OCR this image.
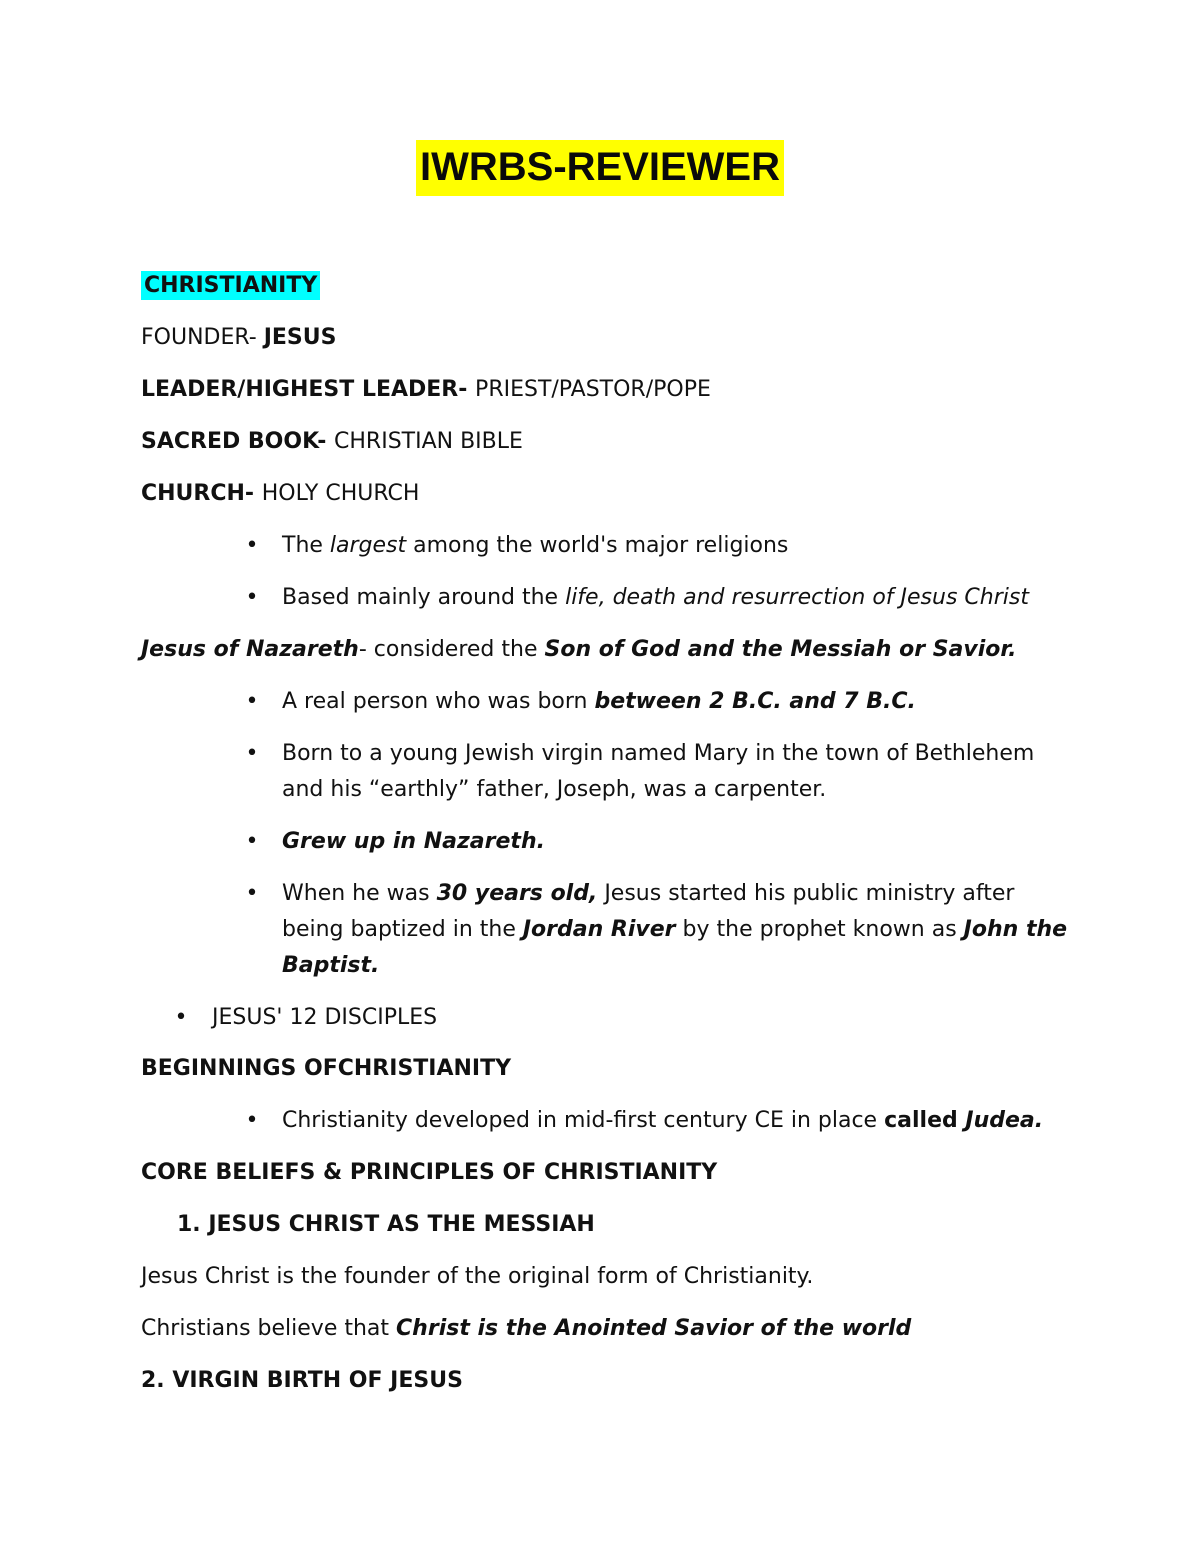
IWRBS-REVIEWER
CHRISTIANITY
FOUNDER- JESUS
LEADER/HIGHEST LEADER- PRIEST/PASTOR/POPE
SACRED BOOK- CHRISTIAN BIBLE
CHURCH- HOLY CHURCH
• The largest among the world's major religions
• Based mainly around the life, death and resurrection of Jesus Christ
Jesus of Nazareth- considered the Son of God and the Messiah or Savior.
• A real person who was born between 2 B.C. and 7 B.C.
• Born to a young Jewish virgin named Mary in the town of Bethlehem
and his “earthly” father, Joseph, was a carpenter.
• Grew up in Nazareth.
• When he was 30 years old, Jesus started his public ministry after
being baptized in the Jordan River by the prophet known as John the
Baptist.
• JESUS' 12 DISCIPLES
BEGINNINGS OFCHRISTIANITY
• Christianity developed in mid-first century CE in place called Judea.
CORE BELIEFS & PRINCIPLES OF CHRISTIANITY
1. JESUS CHRIST AS THE MESSIAH
Jesus Christ is the founder of the original form of Christianity.
Christians believe that Christ is the Anointed Savior of the world
2. VIRGIN BIRTH OF JESUS
